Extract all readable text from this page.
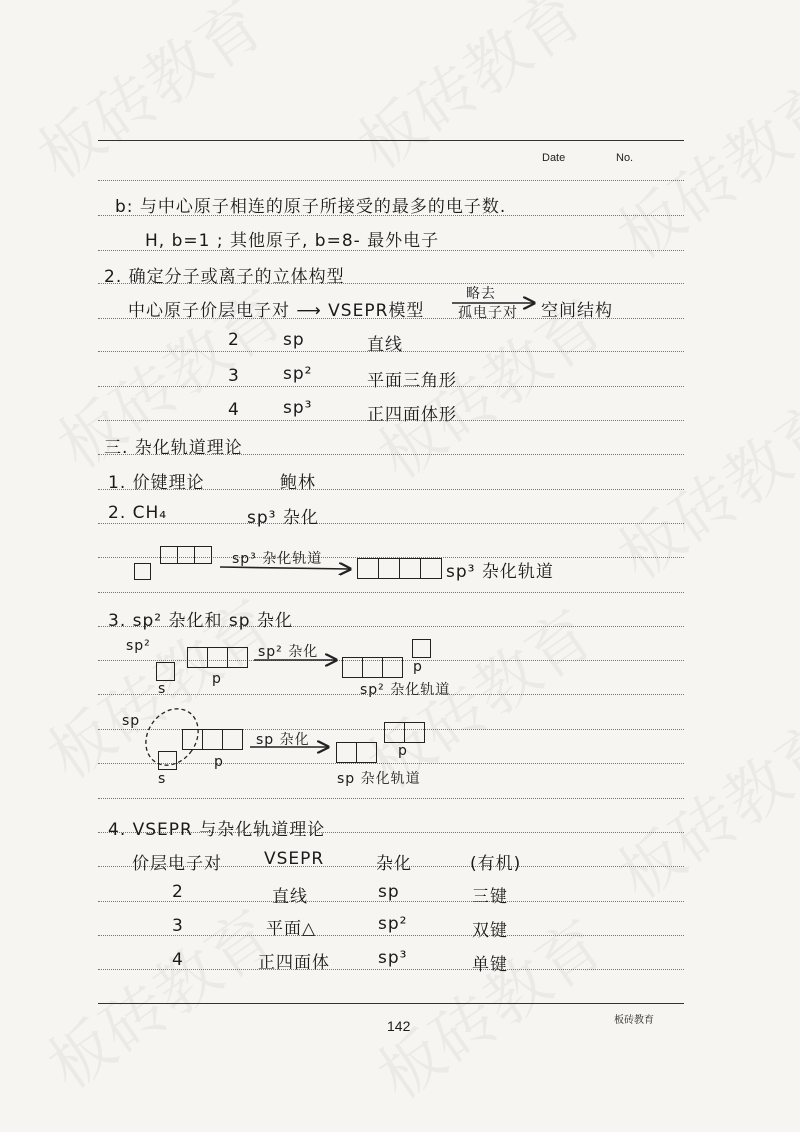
Date	No.
b: 与中心原子相连的原子所接受的最多的电子数.
H, b=1 ; 其他原子, b=8- 最外电子
2. 确定分子或离子的立体构型
中心原子价层电子对 ⟶ VSEPR模型
略去
孤电子对 空间结构
2	sp	直线
3	sp²	平面三角形
4	sp³	正四面体形
三. 杂化轨道理论
1. 价键理论	鲍林
2. CH₄	sp³ 杂化
sp³ 杂化轨道
sp³ 杂化轨道
3. sp² 杂化和 sp 杂化
sp²
s
p
sp² 杂化
p
sp² 杂化轨道
sp
s
p
sp 杂化
p
sp 杂化轨道
4. VSEPR 与杂化轨道理论
价层电子对 VSEPR	杂化	(有机)
2	直线	sp	三键
3	平面△	sp²	双键
4	正四面体	sp³	单键
142	板砖教育
